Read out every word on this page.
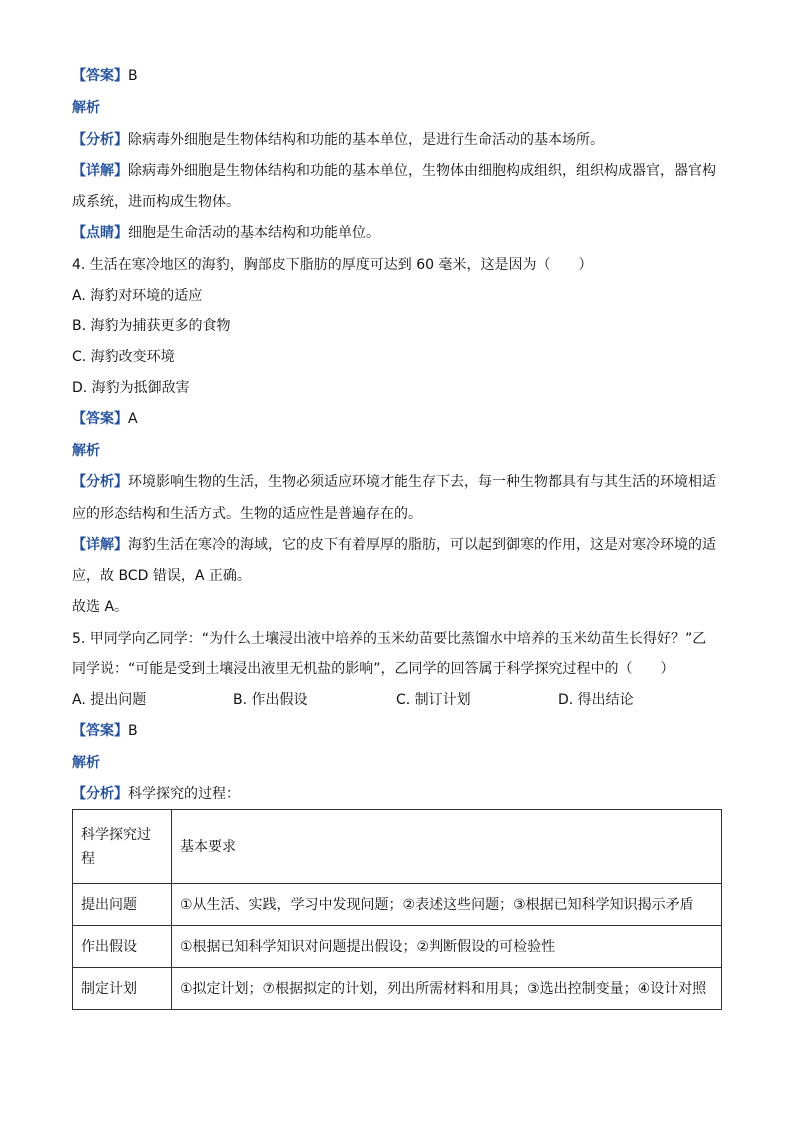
【答案】B
解析
【分析】除病毒外细胞是生物体结构和功能的基本单位，是进行生命活动的基本场所。
【详解】除病毒外细胞是生物体结构和功能的基本单位，生物体由细胞构成组织，组织构成器官，器官构
成系统，进而构成生物体。
【点睛】细胞是生命活动的基本结构和功能单位。
4. 生活在寒冷地区的海豹，胸部皮下脂肪的厚度可达到 60 毫米，这是因为（　　）
A. 海豹对环境的适应
B. 海豹为捕获更多的食物
C. 海豹改变环境
D. 海豹为抵御敌害
【答案】A
解析
【分析】环境影响生物的生活，生物必须适应环境才能生存下去，每一种生物都具有与其生活的环境相适
应的形态结构和生活方式。生物的适应性是普遍存在的。
【详解】海豹生活在寒冷的海域，它的皮下有着厚厚的脂肪，可以起到御寒的作用，这是对寒冷环境的适
应，故 BCD 错误，A 正确。
故选 A。
5. 甲同学向乙同学：“为什么土壤浸出液中培养的玉米幼苗要比蒸馏水中培养的玉米幼苗生长得好？”乙
同学说：“可能是受到土壤浸出液里无机盐的影响”，乙同学的回答属于科学探究过程中的（　　）
A. 提出问题	B. 作出假设	C. 制订计划	D. 得出结论
【答案】B
解析
【分析】科学探究的过程：
科学探究过程	基本要求
提出问题	①从生活、实践，学习中发现问题；②表述这些问题；③根据已知科学知识揭示矛盾
作出假设	①根据已知科学知识对问题提出假设；②判断假设的可检验性
制定计划	①拟定计划；⑦根据拟定的计划，列出所需材料和用具；③选出控制变量；④设计对照
